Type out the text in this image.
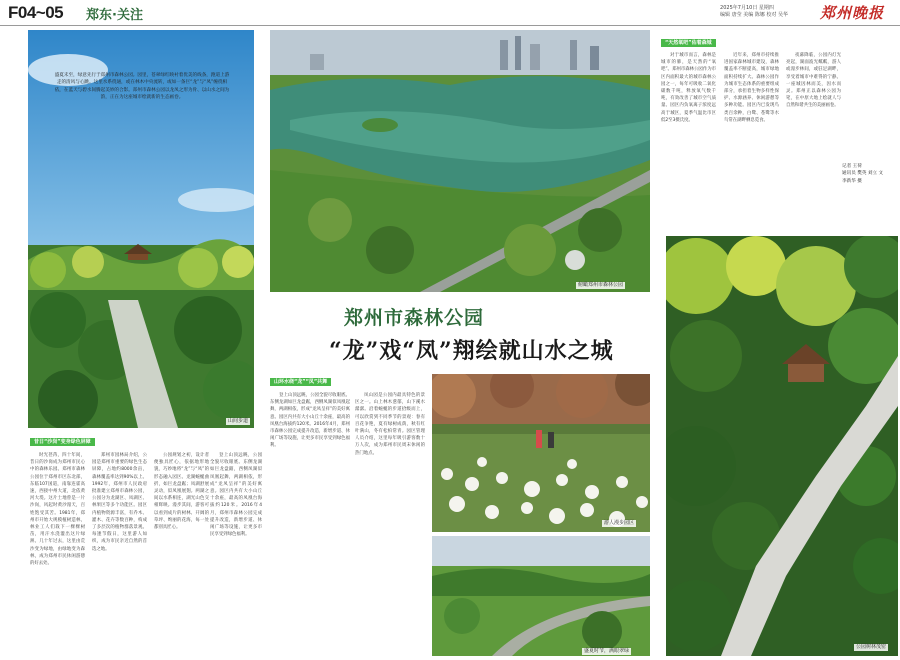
F04~05 郑东·关注	2025年7月10日 星期四
编辑 唐莹 美编 陈娜 校对 吴华 郑州晚报
盛夏未至，绿意先行于郑州市森林公园。园里，苍翠绿红映衬着优美的线条，跑道上游走的清风与心跳。这里水系绕通，或在林木中央流转，或如一条巨“龙”与“凤”缠绕相依，在蓝天与碧水间腾起美妙的合影。郑州市森林公园以龙凤之形为骨、以山水之间为韵，正在为这座城市绘就新的生态画卷。
山间步道
俯瞰郑州市森林公园
郑州市森林公园
“龙”戏“凤”翔绘就山水之城
昔日“沙岗”变身绿色屏障
山环水绕“龙”“凤”共舞
“天然氧吧”佑着森城
时光荏苒，四十年间，昔日的沙岗成为郑州市民心中的森林乐园。郑州市森林公园位于郑州市区东北部，东临107国道，南靠连霍高速，西接中州大道，北依黄河大堤。这片土地曾是一片沙岗，风起时黄沙漫天，百姓饱受其苦。1981年，郑州市开始大规模植树造林，林业工人们栽下一棵棵树苗，用汗水浇灌出这片绿洲。几十年过去，这里由荒沙变为绿地，由绿地变为森林，成为郑州市民休闲游憩的好去处。
郑州市园林局介绍，公园是郑州市重要的绿色生态屏障，占地约8000余亩，森林覆盖率达到90%以上。1992年，郑州市人民政府批准建立郑州市森林公园，公园分为龙湖区、凤湖区、林果区等多个功能区。园区内植物资源丰富，有乔木、灌木、花卉等数百种，构成了多层次的植物群落景观。每逢节假日，这里游人如织，成为市民亲近自然的首选之地。
公园规划之初，设计者便独具匠心，依据地形地貌，巧妙地将“龙”与“凤”的形态融入园区。龙湖蜿蜒曲折，如巨龙盘踞；凤湖舒展灵动，似凤凰展翅。两湖之间以水系相连，湖光山色交相辉映。漫步其间，游客可以看到成片的树林、开阔的草坪、绚丽的花海，每一处都别具匠心。
登上山顶远眺，公园全貌尽收眼底。东侧龙湖如巨龙盘踞，西侧凤湖似凤凰起舞，两湖相依，形成“龙凤呈祥”的美好寓意。园区内共有大小山丘十余座，最高的凤凰台海拔约120米。2016年4月，郑州市森林公园完成提升改造，新增步道、休闲广场等设施，让更多市民享受到绿色福利。
登上山顶远眺，公园全貌尽收眼底。东侧龙湖如巨龙盘踞，西侧凤湖似凤凰起舞，两湖相依，形成“龙凤呈祥”的美好寓意。园区内共有大小山丘十余座，最高的凤凰台海拔约120米。2016年4月，郑州市森林公园完成提升改造，新增步道、休闲广场等设施，让更多市民享受到绿色福利。
凤山园是公园内最具特色的景区之一。山上林木葱郁，山下溪水潺潺。沿着蜿蜒的步道拾级而上，可以欣赏到不同季节的景观：春有百花争艳，夏有绿树成荫，秋有红叶满山，冬有松柏常青。园区管理人员介绍，这里每年吸引游客数十万人次，成为郑州市民周末休闲的热门地点。
对于城市而言，森林是城市的肺，是天然的“氧吧”。郑州市森林公园作为市区内面积最大的城市森林公园之一，每年可吸收二氧化碳数千吨，释放氧气数千吨，有效改善了城市空气质量。园区内负氧离子浓度远高于城区，夏季气温比市区低2至3摄氏度。
近年来，郑州市持续推进国家森林城市建设，森林覆盖率不断提高，城市绿地面积持续扩大。森林公园作为城市生态体系的重要组成部分，承担着生物多样性保护、水源涵养、休闲游憩等多种功能。园区内已发现鸟类百余种，白鹭、苍鹭等水鸟常在湖畔栖息觅食。
夜幕降临，公园内灯光亮起，湖面波光粼粼，游人或漫步林间，或驻足湖畔，享受着城市中难得的宁静。一座城因林而美，因水而灵。郑州正以森林公园为笔，在中原大地上绘就人与自然和谐共生的美丽画卷。
游人漫步园区
盛夏时节，满眼翠绿
公园树林茂密
记者 王荷
通讯员 樊英 刘立 文
李新华 摄
